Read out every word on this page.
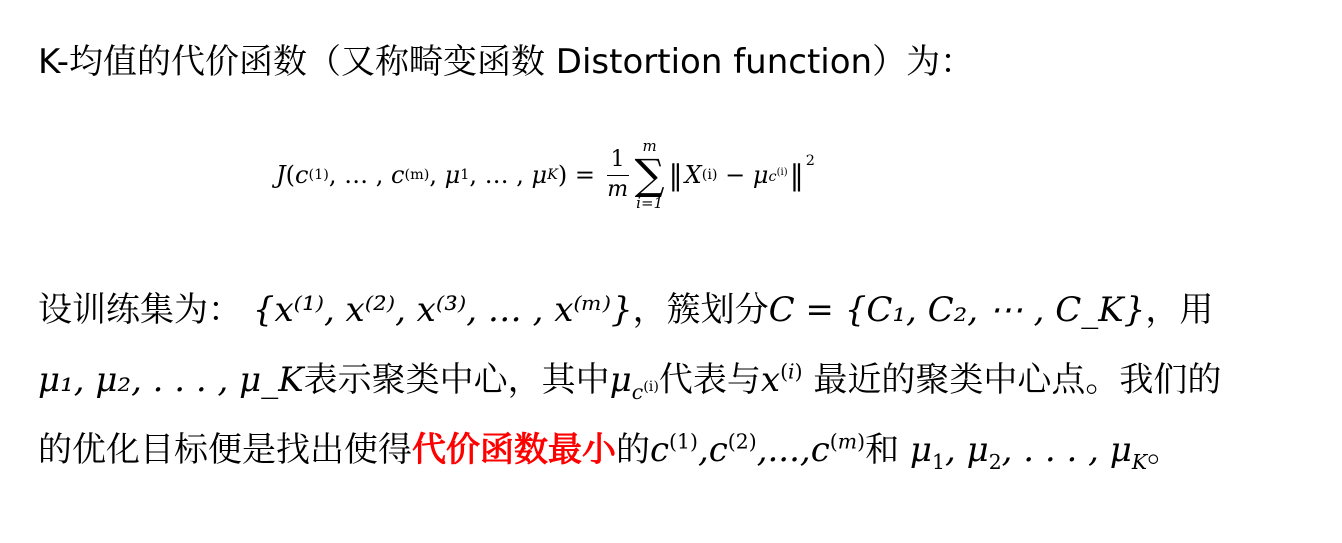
K-均值的代价函数（又称畸变函数 Distortion function）为：
J ( c (1) , … , c (m) , μ 1 , … , μ K ) = $\frac{1}{m}$
m
∑
i=1
‖ X (i) − μ $c^{(i)}$ ‖$^2$
设训练集为： {x⁽¹⁾, x⁽²⁾, x⁽³⁾, … , x⁽ᵐ⁾}，簇划分C = {C₁, C₂, ⋯ , C_K}，用
μ₁, μ₂, . . . , μ_K表示聚类中心，其中$\mu_{c^{(i)}}$代表与$x^{(i)}$ 最近的聚类中心点。我们的
的优化目标便是找出使得代价函数最小的$c^{(1)},c^{(2)},...,c^{(m)}$和 $\mu_1$, $\mu_2$, . . . , $\mu_K$。
